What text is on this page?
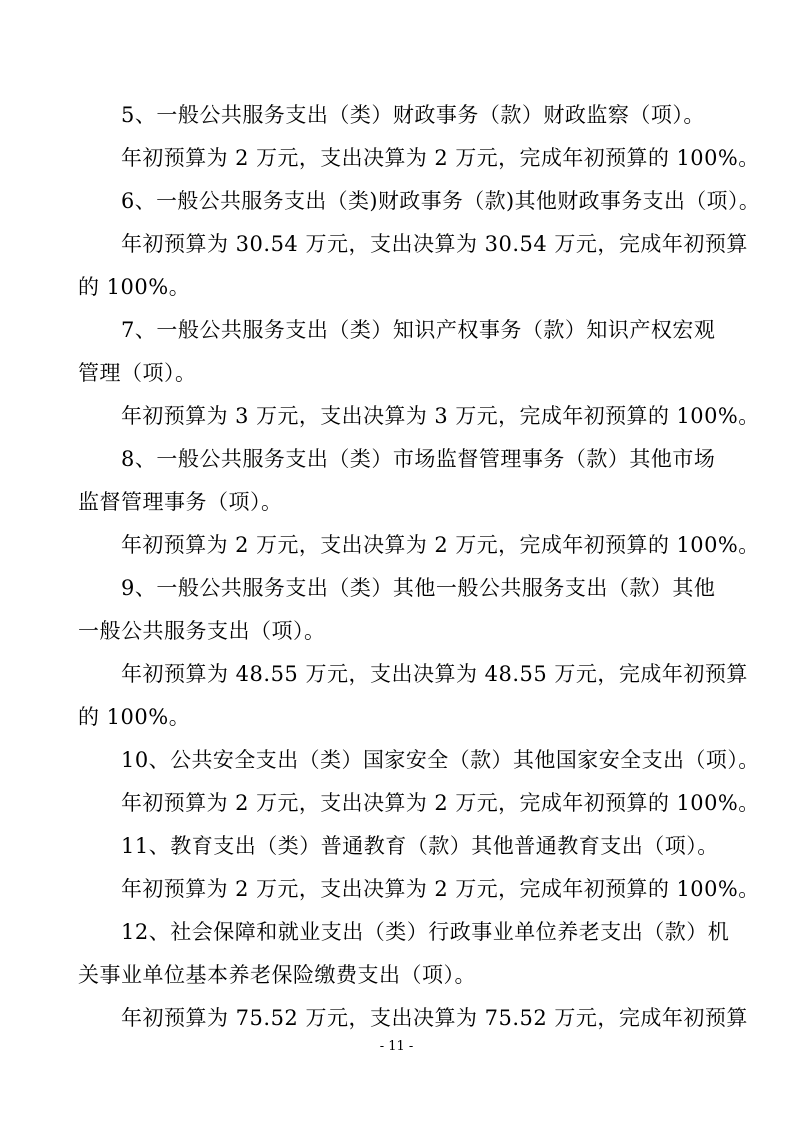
5、一般公共服务支出（类）财政事务（款）财政监察（项）。
年初预算为 2 万元，支出决算为 2 万元，完成年初预算的 100%。
6、一般公共服务支出（类)财政事务（款)其他财政事务支出（项）。
年初预算为 30.54 万元，支出决算为 30.54 万元，完成年初预算
的 100%。
7、一般公共服务支出（类）知识产权事务（款）知识产权宏观
管理（项）。
年初预算为 3 万元，支出决算为 3 万元，完成年初预算的 100%。
8、一般公共服务支出（类）市场监督管理事务（款）其他市场
监督管理事务（项）。
年初预算为 2 万元，支出决算为 2 万元，完成年初预算的 100%。
9、一般公共服务支出（类）其他一般公共服务支出（款）其他
一般公共服务支出（项）。
年初预算为 48.55 万元，支出决算为 48.55 万元，完成年初预算
的 100%。
10、公共安全支出（类）国家安全（款）其他国家安全支出（项）。
年初预算为 2 万元，支出决算为 2 万元，完成年初预算的 100%。
11、教育支出（类）普通教育（款）其他普通教育支出（项）。
年初预算为 2 万元，支出决算为 2 万元，完成年初预算的 100%。
12、社会保障和就业支出（类）行政事业单位养老支出（款）机
关事业单位基本养老保险缴费支出（项）。
年初预算为 75.52 万元，支出决算为 75.52 万元，完成年初预算
- 11 -
